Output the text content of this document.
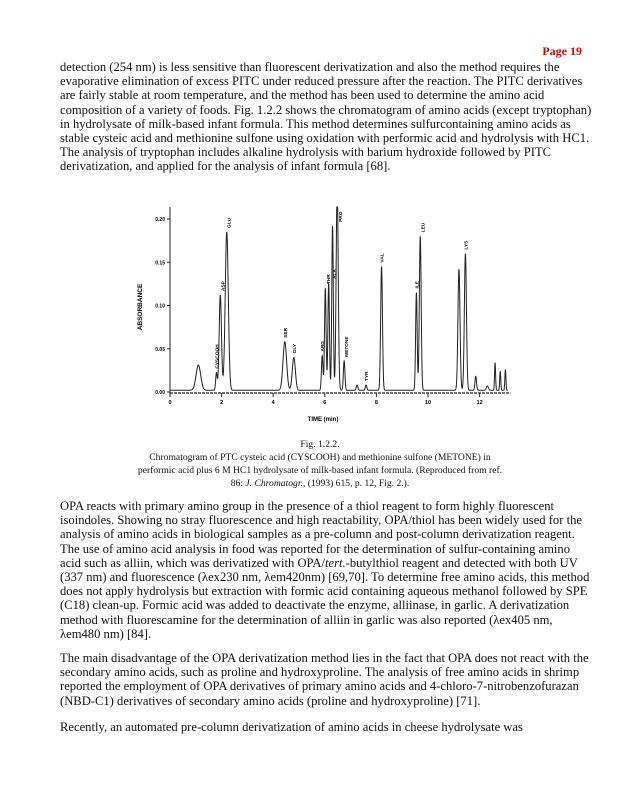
Page 19

detection (254 nm) is less sensitive than fluorescent derivatization and also the method requires the evaporative elimination of excess PITC under reduced pressure after the reaction. The PITC derivatives are fairly stable at room temperature, and the method has been used to determine the amino acid composition of a variety of foods. Fig. 1.2.2 shows the chromatogram of amino acids (except tryptophan) in hydrolysate of milk-based infant formula. This method determines sulfurcontaining amino acids as stable cysteic acid and methionine sulfone using oxidation with performic acid and hydrolysis with HC1. The analysis of tryptophan includes alkaline hydrolysis with barium hydroxide followed by PITC derivatization, and applied for the analysis of infant formula [68].

0.00
0.05
0.10
0.15
0.20
0	2	4	6	8	10	12
CYSCOOH
ASP
GLU
SER
GLY	ARG
THR
ALA
PRO
METONE
TYR
VAL
ILE
LEU
LYS
TIME (min)
ABSORBANCE
Fig. 1.2.2.
Chromatogram of PTC cysteic acid (CYSCOOH) and methionine sulfone (METONE) in
performic acid plus 6 M HC1 hydrolysate of milk-based infant formula. (Reproduced from ref.
86: J. Chromatogr., (1993) 615, p. 12, Fig. 2.).

OPA reacts with primary amino group in the presence of a thiol reagent to form highly fluorescent isoindoles. Showing no stray fluorescence and high reactability, OPA/thiol has been widely used for the analysis of amino acids in biological samples as a pre-column and post-column derivatization reagent. The use of amino acid analysis in food was reported for the determination of sulfur-containing amino acid such as alliin, which was derivatized with OPA/tert.-butylthiol reagent and detected with both UV (337 nm) and fluorescence (λex230 nm, λem420nm) [69,70]. To determine free amino acids, this method does not apply hydrolysis but extraction with formic acid containing aqueous methanol followed by SPE (C18) clean-up. Formic acid was added to deactivate the enzyme, alliinase, in garlic. A derivatization method with fluorescamine for the determination of alliin in garlic was also reported (λex405 nm, λem480 nm) [84].

The main disadvantage of the OPA derivatization method lies in the fact that OPA does not react with the secondary amino acids, such as proline and hydroxyproline. The analysis of free amino acids in shrimp reported the employment of OPA derivatives of primary amino acids and 4-chloro-7-nitrobenzofurazan (NBD-C1) derivatives of secondary amino acids (proline and hydroxyproline) [71].

Recently, an automated pre-column derivatization of amino acids in cheese hydrolysate was
